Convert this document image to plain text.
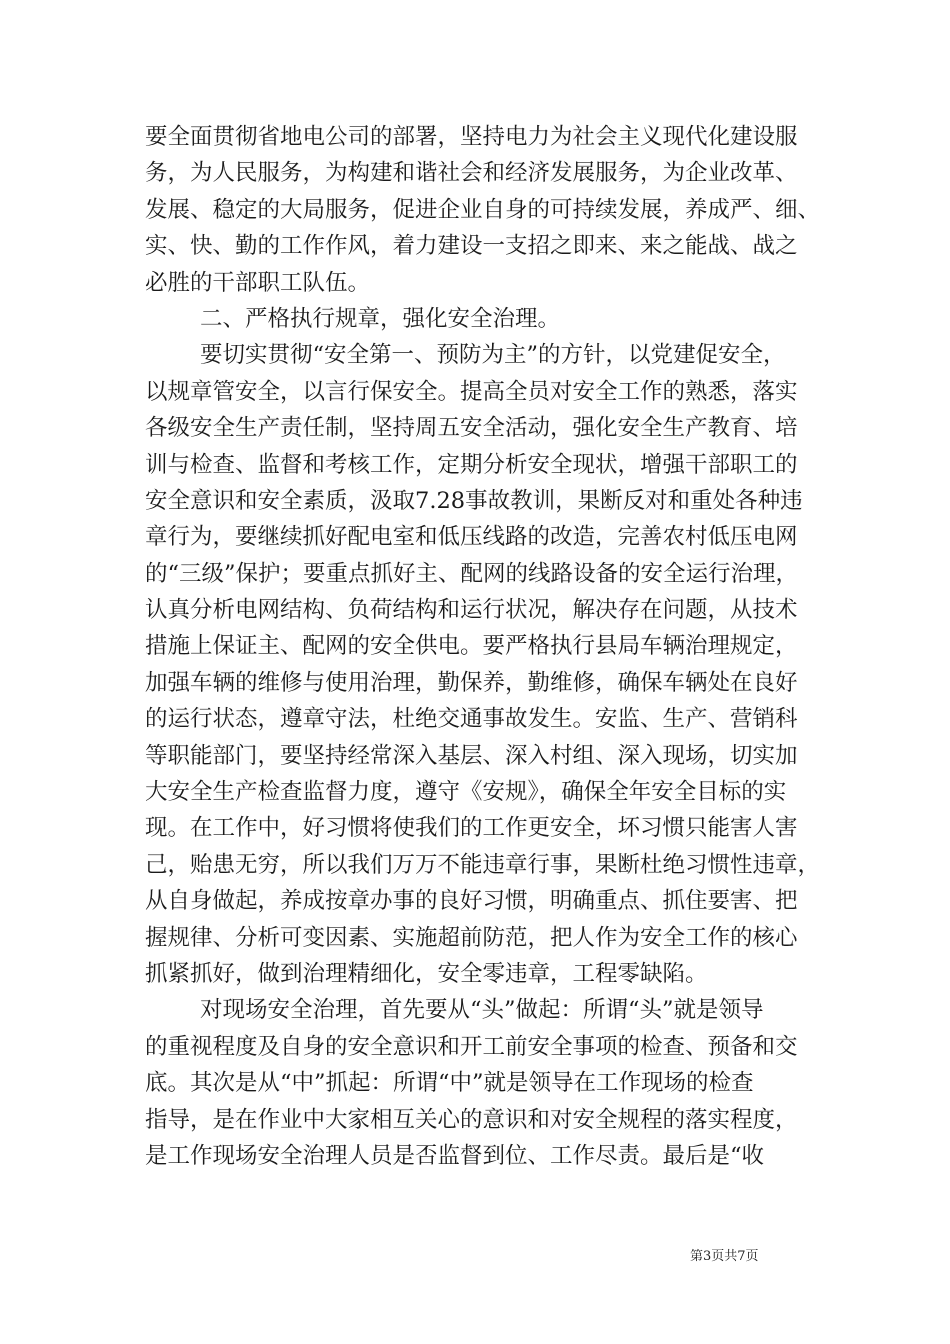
要全面贯彻省地电公司的部署，坚持电力为社会主义现代化建设服
务，为人民服务，为构建和谐社会和经济发展服务，为企业改革、
发展、稳定的大局服务，促进企业自身的可持续发展，养成严、细、
实、快、勤的工作作风，着力建设一支招之即来、来之能战、战之
必胜的干部职工队伍。
二、严格执行规章，强化安全治理。
要切实贯彻“安全第一、预防为主”的方针，以党建促安全，
以规章管安全，以言行保安全。提高全员对安全工作的熟悉，落实
各级安全生产责任制，坚持周五安全活动，强化安全生产教育、培
训与检查、监督和考核工作，定期分析安全现状，增强干部职工的
安全意识和安全素质，汲取7.28事故教训，果断反对和重处各种违
章行为，要继续抓好配电室和低压线路的改造，完善农村低压电网
的“三级”保护；要重点抓好主、配网的线路设备的安全运行治理，
认真分析电网结构、负荷结构和运行状况，解决存在问题，从技术
措施上保证主、配网的安全供电。要严格执行县局车辆治理规定，
加强车辆的维修与使用治理，勤保养，勤维修，确保车辆处在良好
的运行状态，遵章守法，杜绝交通事故发生。安监、生产、营销科
等职能部门，要坚持经常深入基层、深入村组、深入现场，切实加
大安全生产检查监督力度，遵守《安规》，确保全年安全目标的实
现。在工作中，好习惯将使我们的工作更安全，坏习惯只能害人害
己，贻患无穷，所以我们万万不能违章行事，果断杜绝习惯性违章，
从自身做起，养成按章办事的良好习惯，明确重点、抓住要害、把
握规律、分析可变因素、实施超前防范，把人作为安全工作的核心
抓紧抓好，做到治理精细化，安全零违章，工程零缺陷。
对现场安全治理，首先要从“头”做起：所谓“头”就是领导
的重视程度及自身的安全意识和开工前安全事项的检查、预备和交
底。其次是从“中”抓起：所谓“中”就是领导在工作现场的检查
指导，是在作业中大家相互关心的意识和对安全规程的落实程度，
是工作现场安全治理人员是否监督到位、工作尽责。最后是“收
第3页共7页
